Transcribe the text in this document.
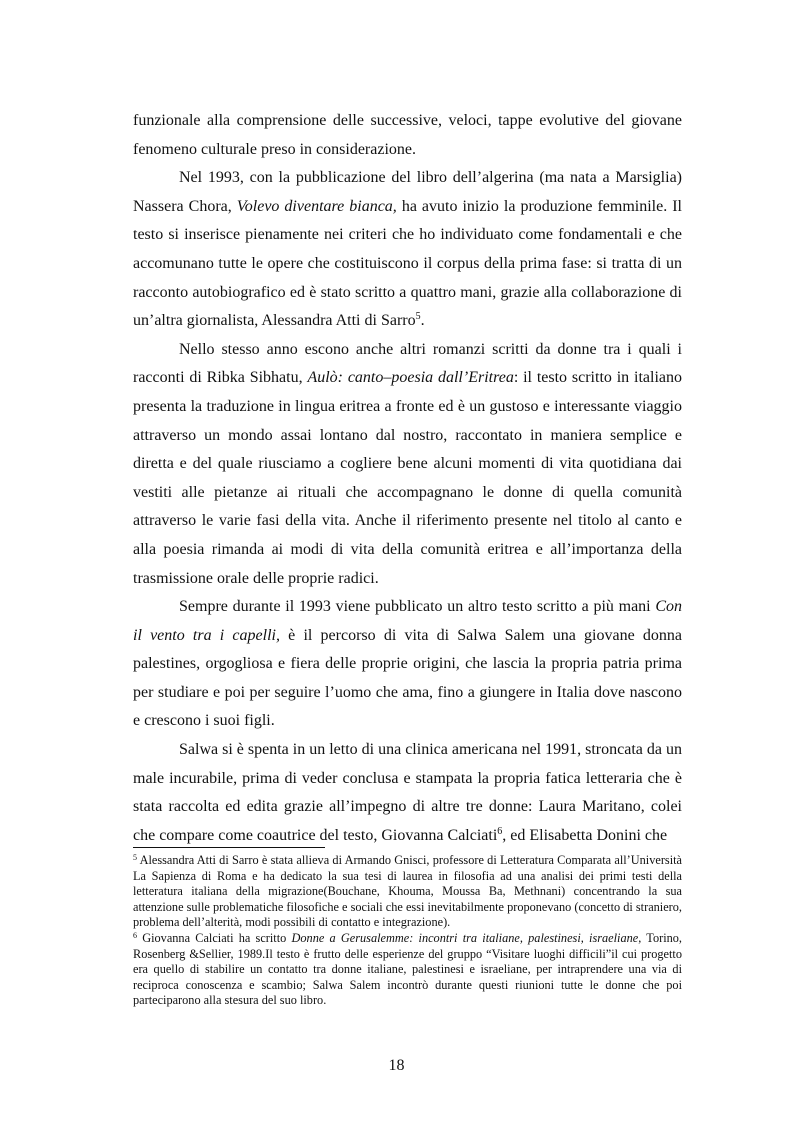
funzionale alla comprensione delle successive, veloci, tappe evolutive del giovane fenomeno culturale preso in considerazione.

Nel 1993, con la pubblicazione del libro dell’algerina (ma nata a Marsiglia) Nassera Chora, Volevo diventare bianca, ha avuto inizio la produzione femminile. Il testo si inserisce pienamente nei criteri che ho individuato come fondamentali e che accomunano tutte le opere che costituiscono il corpus della prima fase: si tratta di un racconto autobiografico ed è stato scritto a quattro mani, grazie alla collaborazione di un’altra giornalista, Alessandra Atti di Sarro$^5$.

Nello stesso anno escono anche altri romanzi scritti da donne tra i quali i racconti di Ribka Sibhatu, Aulò: canto–poesia dall’Eritrea: il testo scritto in italiano presenta la traduzione in lingua eritrea a fronte ed è un gustoso e interessante viaggio attraverso un mondo assai lontano dal nostro, raccontato in maniera semplice e diretta e del quale riusciamo a cogliere bene alcuni momenti di vita quotidiana dai vestiti alle pietanze ai rituali che accompagnano le donne di quella comunità attraverso le varie fasi della vita. Anche il riferimento presente nel titolo al canto e alla poesia rimanda ai modi di vita della comunità eritrea e all’importanza della trasmissione orale delle proprie radici.

Sempre durante il 1993 viene pubblicato un altro testo scritto a più mani Con il vento tra i capelli, è il percorso di vita di Salwa Salem una giovane donna palestines, orgogliosa e fiera delle proprie origini, che lascia la propria patria prima per studiare e poi per seguire l’uomo che ama, fino a giungere in Italia dove nascono e crescono i suoi figli.

Salwa si è spenta in un letto di una clinica americana nel 1991, stroncata da un male incurabile, prima di veder conclusa e stampata la propria fatica letteraria che è stata raccolta ed edita grazie all’impegno di altre tre donne: Laura Maritano, colei che compare come coautrice del testo, Giovanna Calciati$^6$, ed Elisabetta Donini che

$^5$ Alessandra Atti di Sarro è stata allieva di Armando Gnisci, professore di Letteratura Comparata all’Università La Sapienza di Roma e ha dedicato la sua tesi di laurea in filosofia ad una analisi dei primi testi della letteratura italiana della migrazione(Bouchane, Khouma, Moussa Ba, Methnani) concentrando la sua attenzione sulle problematiche filosofiche e sociali che essi inevitabilmente proponevano (concetto di straniero, problema dell’alterità, modi possibili di contatto e integrazione).

$^6$ Giovanna Calciati ha scritto Donne a Gerusalemme: incontri tra italiane, palestinesi, israeliane, Torino, Rosenberg &Sellier, 1989.Il testo è frutto delle esperienze del gruppo “Visitare luoghi difficili”il cui progetto era quello di stabilire un contatto tra donne italiane, palestinesi e israeliane, per intraprendere una via di reciproca conoscenza e scambio; Salwa Salem incontrò durante questi riunioni tutte le donne che poi parteciparono alla stesura del suo libro.

18
